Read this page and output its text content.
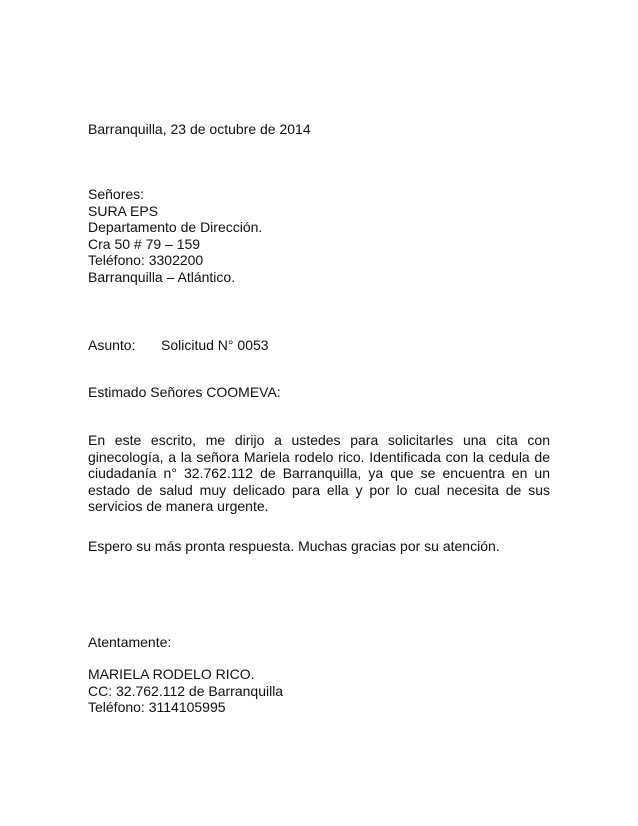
Barranquilla, 23 de octubre de 2014
Señores:
SURA EPS
Departamento de Dirección.
Cra 50 # 79 – 159
Teléfono: 3302200
Barranquilla – Atlántico.
Asunto: Solicitud N° 0053
Estimado Señores COOMEVA:
En este escrito, me dirijo a ustedes para solicitarles una cita con ginecología, a la señora Mariela rodelo rico. Identificada con la cedula de ciudadanía n° 32.762.112 de Barranquilla, ya que se encuentra en un estado de salud muy delicado para ella y por lo cual necesita de sus servicios de manera urgente.
Espero su más pronta respuesta. Muchas gracias por su atención.
Atentamente:
MARIELA RODELO RICO.
CC: 32.762.112 de Barranquilla
Teléfono: 3114105995
